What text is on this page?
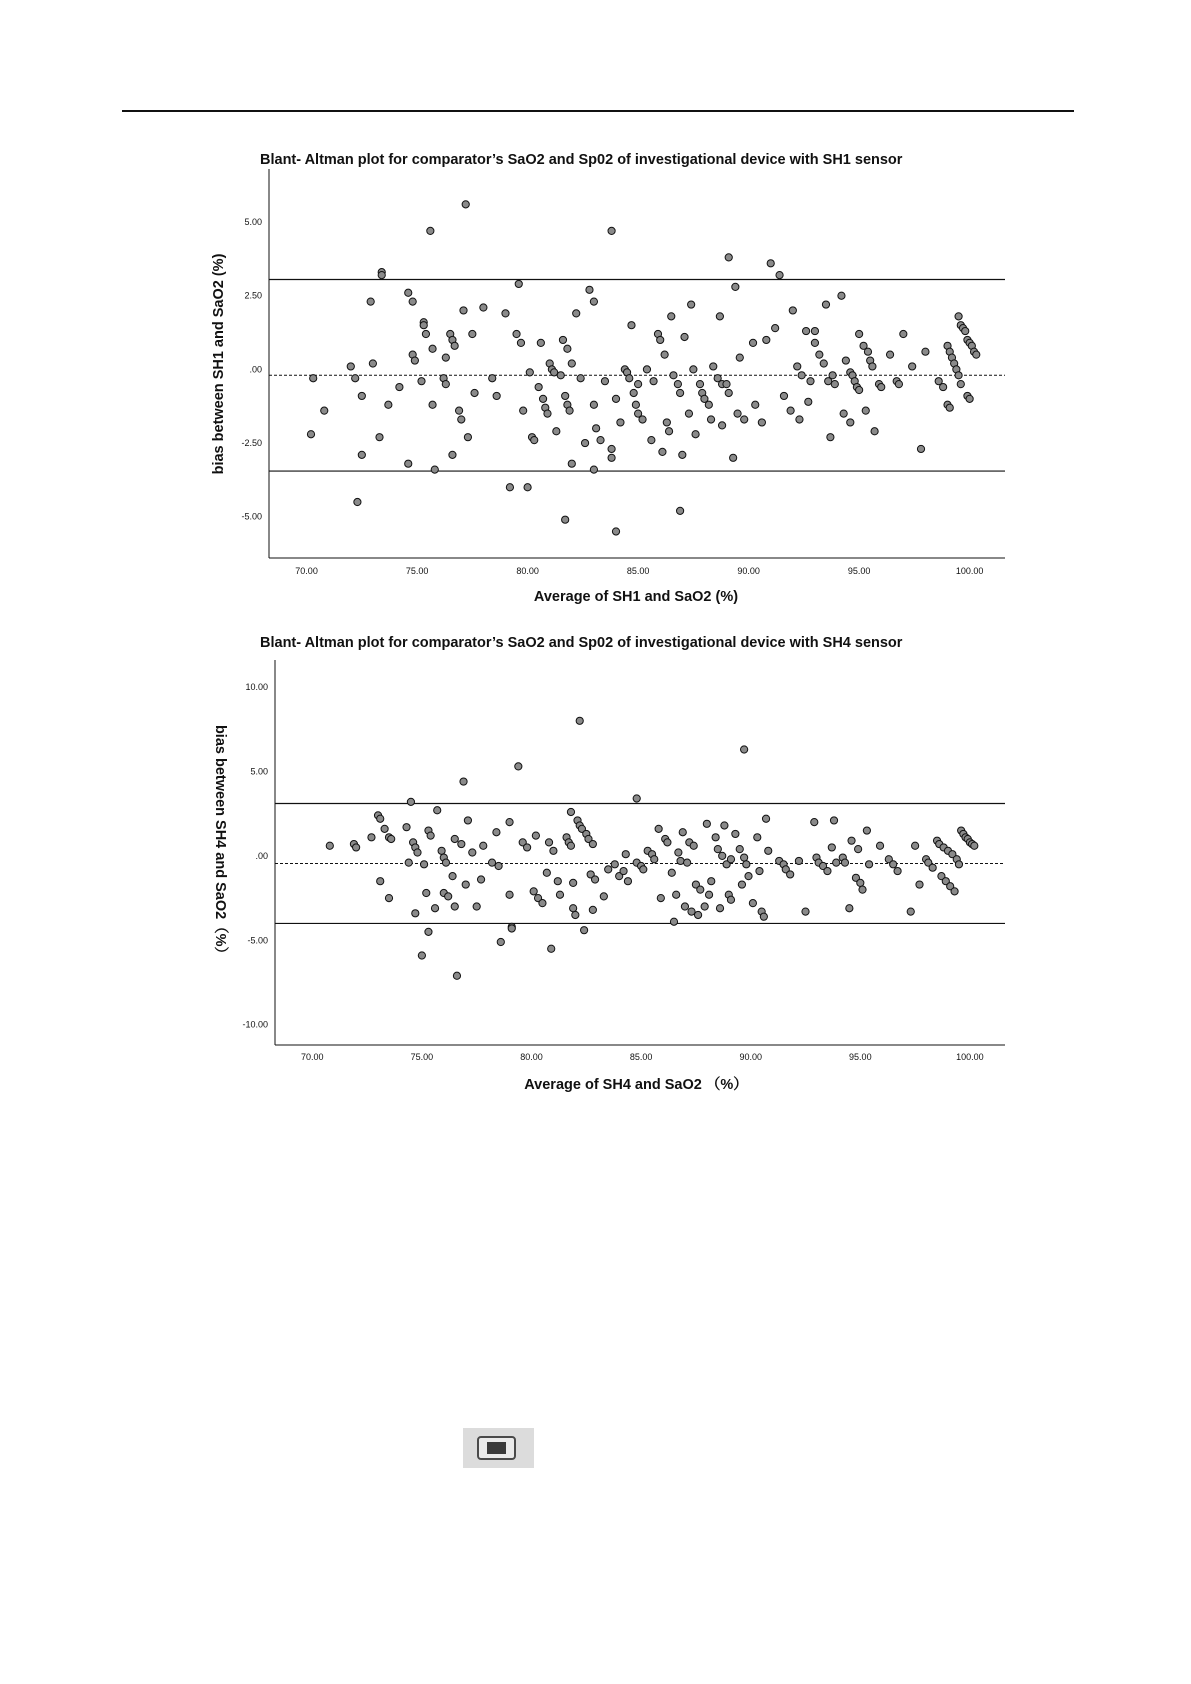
Blant- Altman plot for comparator’s SaO2 and Sp02 of investigational device with SH1 sensor
Average of SH1 and SaO2 (%)
bias between SH1 and SaO2 (%)
70.00	75.00	80.00	85.00	90.00	95.00	100.00
5.00
2.50
.00
-2.50
-5.00
Blant- Altman plot for comparator’s SaO2 and Sp02 of investigational device with SH4 sensor
Average of SH4 and SaO2 （%）
bias between SH4 and SaO2（%）
70.00	75.00	80.00	85.00	90.00	95.00	100.00
10.00
5.00
.00
-5.00
-10.00
